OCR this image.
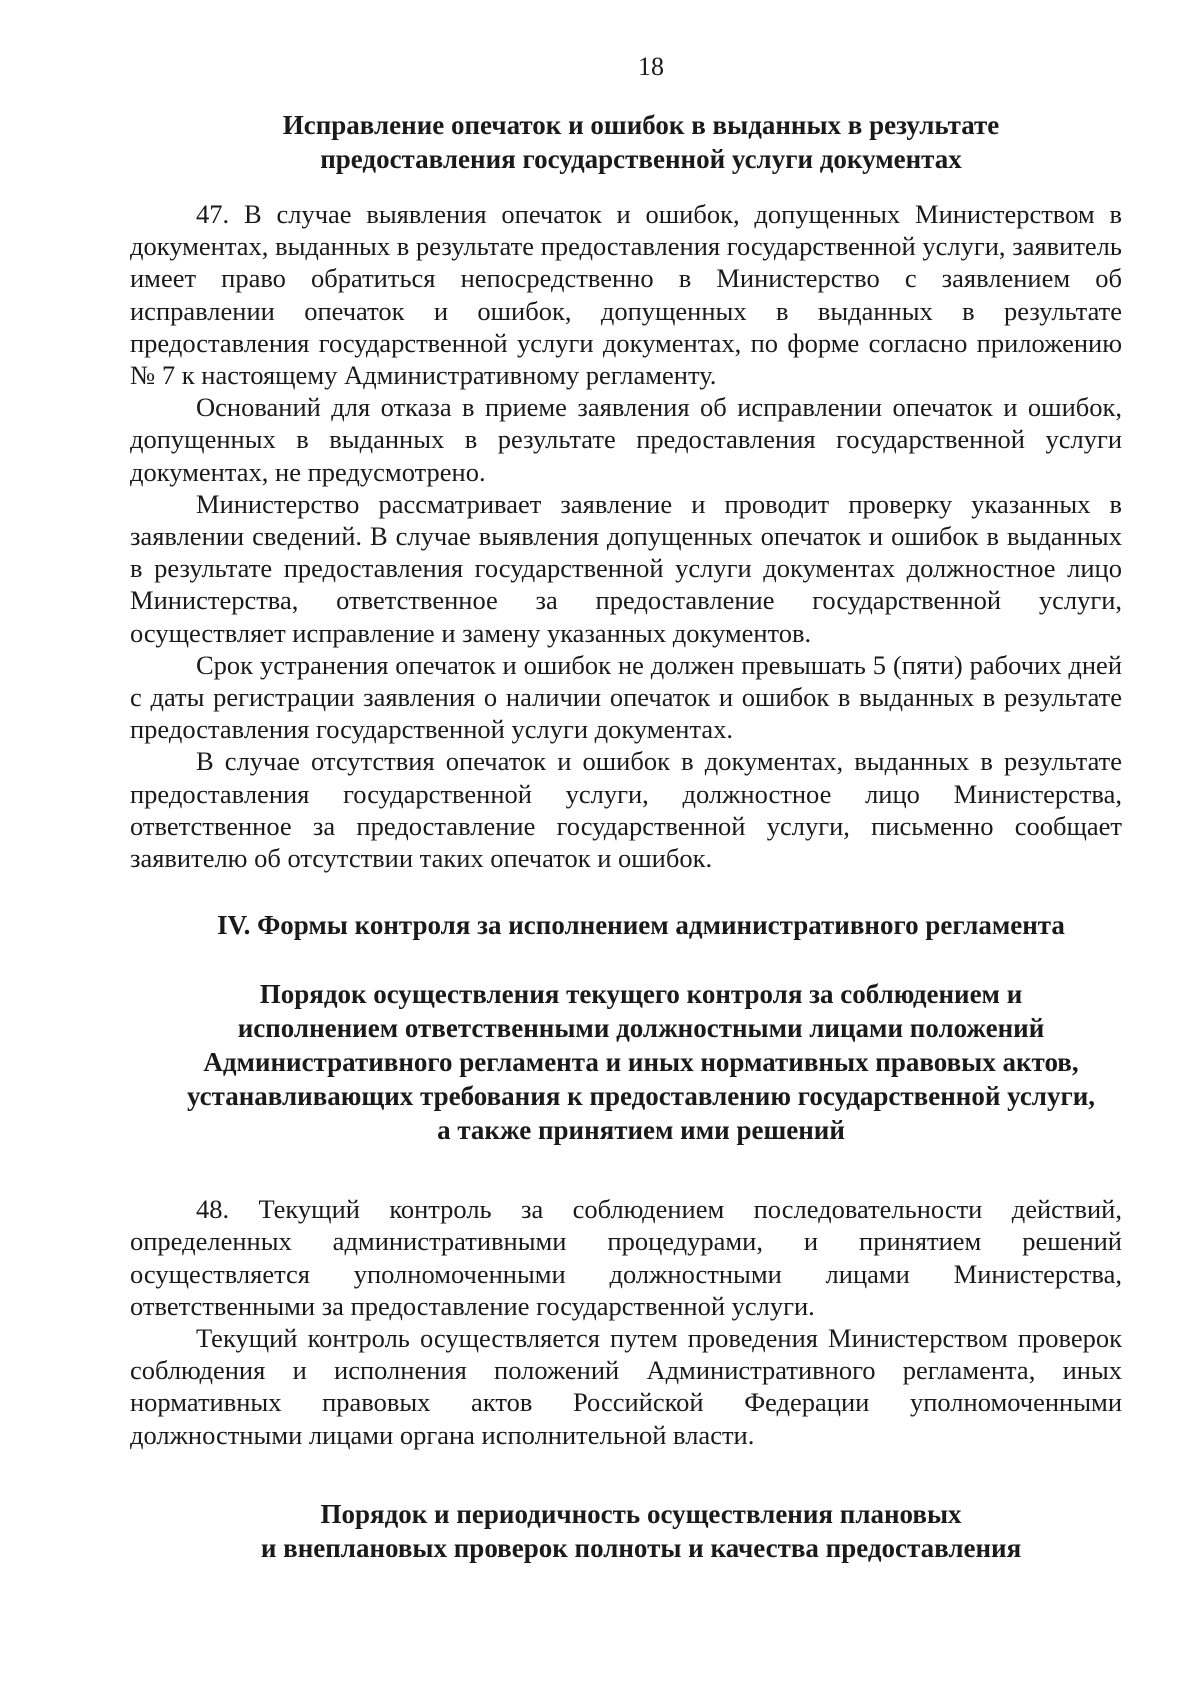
18
Исправление опечаток и ошибок в выданных в результате
предоставления государственной услуги документах

47. В случае выявления опечаток и ошибок, допущенных Министерством в документах, выданных в результате предоставления государственной услуги, заявитель имеет право обратиться непосредственно в Министерство с заявлением об исправлении опечаток и ошибок, допущенных в выданных в результате предоставления государственной услуги документах, по форме согласно приложению № 7 к настоящему Административному регламенту.

Оснований для отказа в приеме заявления об исправлении опечаток и ошибок, допущенных в выданных в результате предоставления государственной услуги документах, не предусмотрено.

Министерство рассматривает заявление и проводит проверку указанных в заявлении сведений. В случае выявления допущенных опечаток и ошибок в выданных в результате предоставления государственной услуги документах должностное лицо Министерства, ответственное за предоставление государственной услуги, осуществляет исправление и замену указанных документов.

Срок устранения опечаток и ошибок не должен превышать 5 (пяти) рабочих дней с даты регистрации заявления о наличии опечаток и ошибок в выданных в результате предоставления государственной услуги документах.

В случае отсутствия опечаток и ошибок в документах, выданных в результате предоставления государственной услуги, должностное лицо Министерства, ответственное за предоставление государственной услуги, письменно сообщает заявителю об отсутствии таких опечаток и ошибок.

IV. Формы контроля за исполнением административного регламента
Порядок осуществления текущего контроля за соблюдением и
исполнением ответственными должностными лицами положений
Административного регламента и иных нормативных правовых актов,
устанавливающих требования к предоставлению государственной услуги,
а также принятием ими решений

48. Текущий контроль за соблюдением последовательности действий, определенных административными процедурами, и принятием решений осуществляется уполномоченными должностными лицами Министерства, ответственными за предоставление государственной услуги.

Текущий контроль осуществляется путем проведения Министерством проверок соблюдения и исполнения положений Административного регламента, иных нормативных правовых актов Российской Федерации уполномоченными должностными лицами органа исполнительной власти.

Порядок и периодичность осуществления плановых
и внеплановых проверок полноты и качества предоставления
